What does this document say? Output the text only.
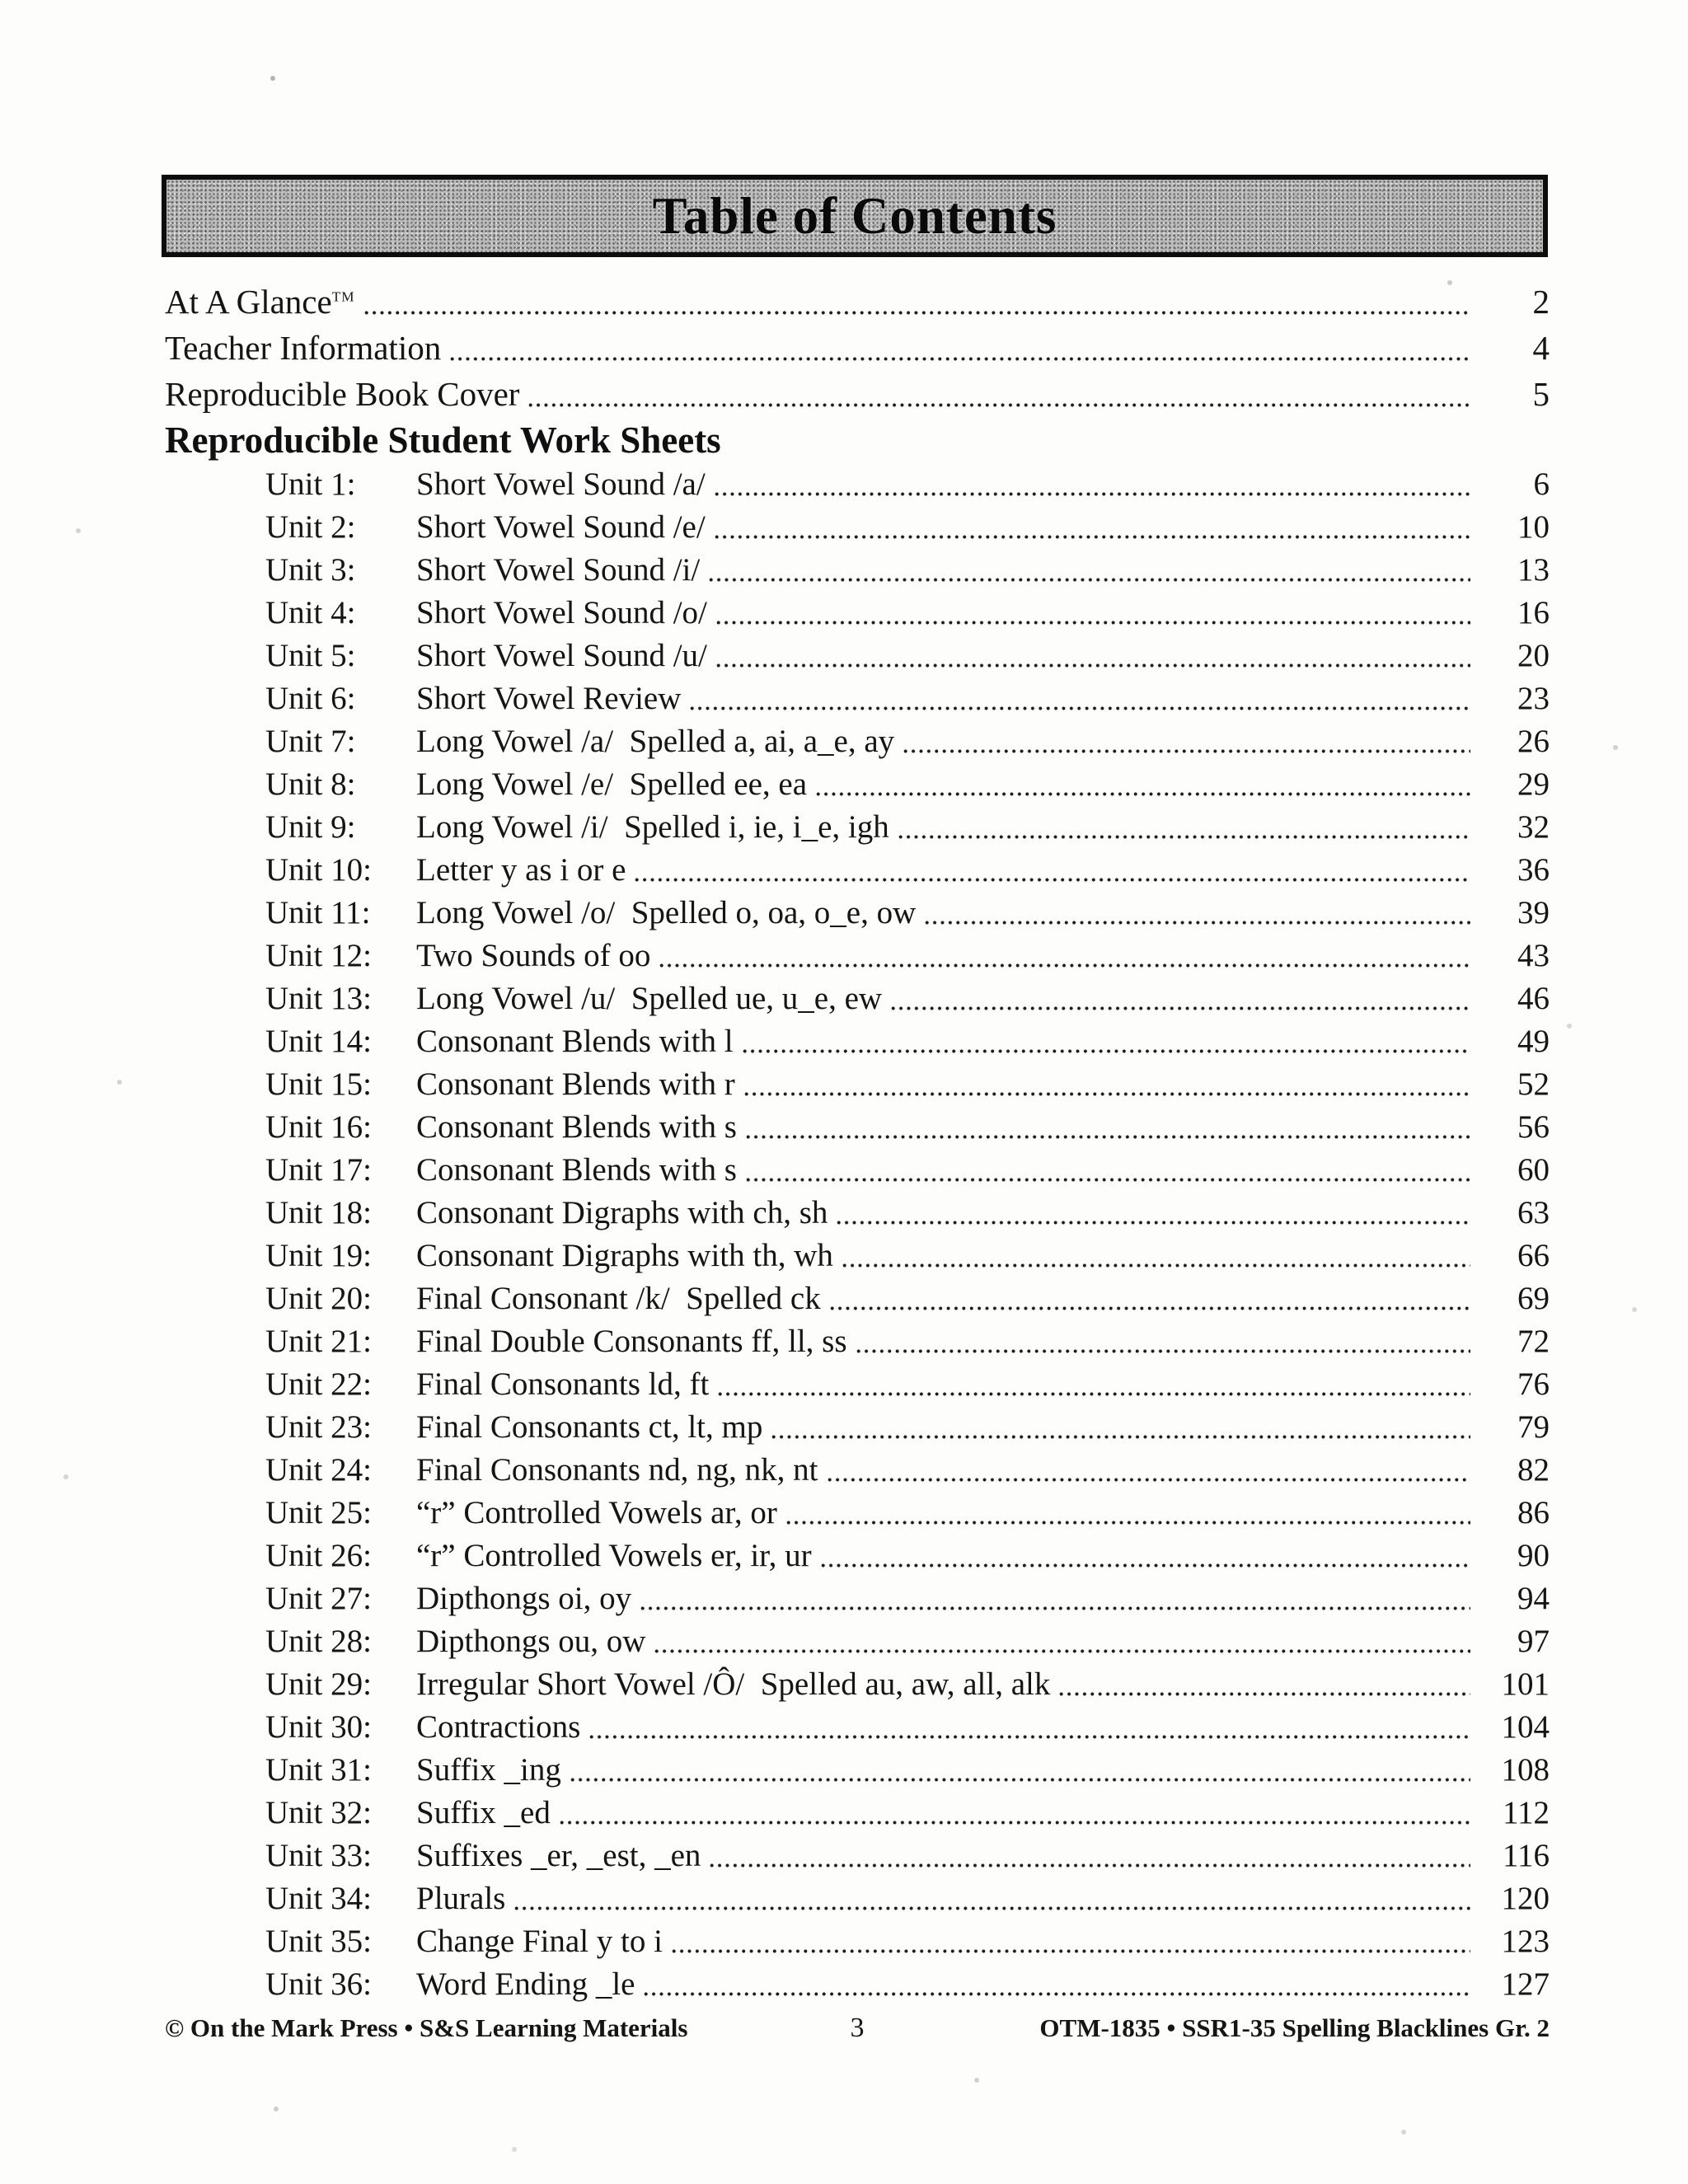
Table of Contents
At A Glance™	2
Teacher Information	4
Reproducible Book Cover	5
Reproducible Student Work Sheets
Unit 1:	Short Vowel Sound /a/	6
Unit 2:	Short Vowel Sound /e/	10
Unit 3:	Short Vowel Sound /i/	13
Unit 4:	Short Vowel Sound /o/	16
Unit 5:	Short Vowel Sound /u/	20
Unit 6:	Short Vowel Review	23
Unit 7:	Long Vowel /a/  Spelled a, ai, a_e, ay	26
Unit 8:	Long Vowel /e/  Spelled ee, ea	29
Unit 9:	Long Vowel /i/  Spelled i, ie, i_e, igh	32
Unit 10:	Letter y as i or e	36
Unit 11:	Long Vowel /o/  Spelled o, oa, o_e, ow	39
Unit 12:	Two Sounds of oo	43
Unit 13:	Long Vowel /u/  Spelled ue, u_e, ew	46
Unit 14:	Consonant Blends with l	49
Unit 15:	Consonant Blends with r	52
Unit 16:	Consonant Blends with s	56
Unit 17:	Consonant Blends with s	60
Unit 18:	Consonant Digraphs with ch, sh	63
Unit 19:	Consonant Digraphs with th, wh	66
Unit 20:	Final Consonant /k/  Spelled ck	69
Unit 21:	Final Double Consonants ff, ll, ss	72
Unit 22:	Final Consonants ld, ft	76
Unit 23:	Final Consonants ct, lt, mp	79
Unit 24:	Final Consonants nd, ng, nk, nt	82
Unit 25:	“r” Controlled Vowels ar, or	86
Unit 26:	“r” Controlled Vowels er, ir, ur	90
Unit 27:	Dipthongs oi, oy	94
Unit 28:	Dipthongs ou, ow	97
Unit 29:	Irregular Short Vowel /Ô/  Spelled au, aw, all, alk	101
Unit 30:	Contractions	104
Unit 31:	Suffix _ing	108
Unit 32:	Suffix _ed	112
Unit 33:	Suffixes _er, _est, _en	116
Unit 34:	Plurals	120
Unit 35:	Change Final y to i	123
Unit 36:	Word Ending _le	127
© On the Mark Press • S&S Learning Materials	3	OTM-1835 • SSR1-35 Spelling Blacklines Gr. 2
